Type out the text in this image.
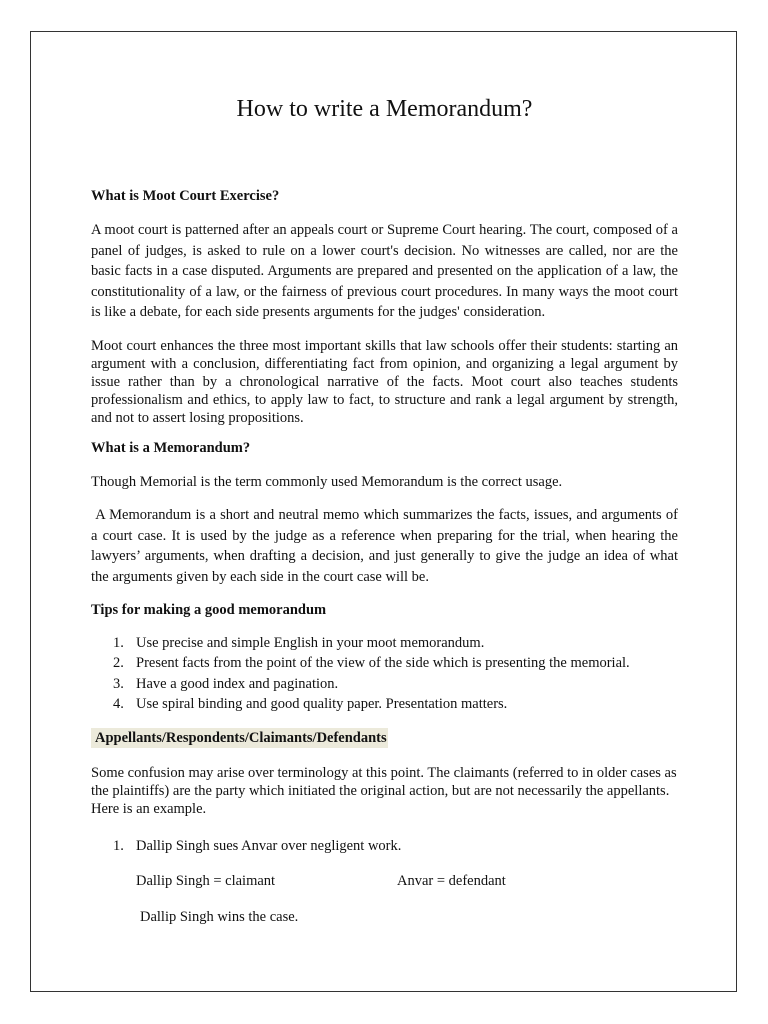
How to write a Memorandum?

What is Moot Court Exercise?

A moot court is patterned after an appeals court or Supreme Court hearing. The court, composed of a panel of judges, is asked to rule on a lower court's decision. No witnesses are called, nor are the basic facts in a case disputed. Arguments are prepared and presented on the application of a law, the constitutionality of a law, or the fairness of previous court procedures. In many ways the moot court is like a debate, for each side presents arguments for the judges' consideration.

Moot court enhances the three most important skills that law schools offer their students: starting an argument with a conclusion, differentiating fact from opinion, and organizing a legal argument by issue rather than by a chronological narrative of the facts. Moot court also teaches students professionalism and ethics, to apply law to fact, to structure and rank a legal argument by strength, and not to assert losing propositions.

What is a Memorandum?

Though Memorial is the term commonly used Memorandum is the correct usage.

A Memorandum is a short and neutral memo which summarizes the facts, issues, and arguments of a court case. It is used by the judge as a reference when preparing for the trial, when hearing the lawyers’ arguments, when drafting a decision, and just generally to give the judge an idea of what the arguments given by each side in the court case will be.

Tips for making a good memorandum

1. Use precise and simple English in your moot memorandum.
2. Present facts from the point of the view of the side which is presenting the memorial.
3. Have a good index and pagination.
4. Use spiral binding and good quality paper. Presentation matters.

Appellants/Respondents/Claimants/Defendants

Some confusion may arise over terminology at this point. The claimants (referred to in older cases as the plaintiffs) are the party which initiated the original action, but are not necessarily the appellants. Here is an example.

1. Dallip Singh sues Anvar over negligent work.

Dallip Singh = claimant	Anvar = defendant

Dallip Singh wins the case.
